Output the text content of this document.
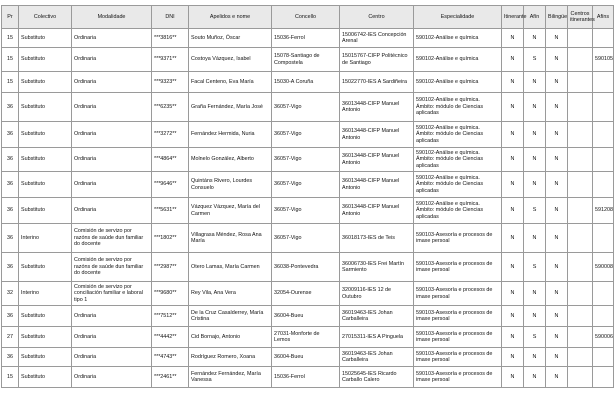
Pr	Colectivo	Modalidade	DNI	Apelidos e nome	Concello	Centro	Especialidade	Itinerante	Afín	Bilingüe	Centros itinerantes	Afíns
15	Substituto	Ordinaria	***3816**	Souto Muñoz, Óscar	15036-Ferrol	15006742-IES Concepción Arenal	590102-Análise e química	N	N	N		
15	Substituto	Ordinaria	***9371**	Costoya Vázquez, Isabel	15078-Santiago de Compostela	15015767-CIFP Politécnico de Santiago	590102-Análise e química	N	S	N		590105
15	Substituto	Ordinaria	***9323**	Facal Centeno, Eva María	15030-A Coruña	15022770-IES A Sardiñeira	590102-Análise e química	N	N	N		
36	Substituto	Ordinaria	***6235**	Graña Fernández, María José	36057-Vigo	36013448-CIFP Manuel Antonio	590102-Análise e química. Ámbito: módulo de Ciencias aplicadas	N	N	N		
36	Substituto	Ordinaria	***3272**	Fernández Hermida, Nuria	36057-Vigo	36013448-CIFP Manuel Antonio	590102-Análise e química. Ámbito: módulo de Ciencias aplicadas	N	N	N		
36	Substituto	Ordinaria	***4864**	Molnelo González, Alberto	36057-Vigo	36013448-CIFP Manuel Antonio	590102-Análise e química. Ámbito: módulo de Ciencias aplicadas	N	N	N		
36	Substituto	Ordinaria	***9646**	Quintáns Rivero, Lourdes Consuelo	36057-Vigo	36013448-CIFP Manuel Antonio	590102-Análise e química. Ámbito: módulo de Ciencias aplicadas	N	N	N		
36	Substituto	Ordinaria	***5631**	Vázquez Vázquez, María del Carmen	36057-Vigo	36013448-CIFP Manuel Antonio	590102-Análise e química. Ámbito: módulo de Ciencias aplicadas	N	S	N		591208
36	Interino	Comisión de servizo por razóns de saúde dun familiar do docente	***1802**	Villagrasa Méndez, Rosa Ana María	36057-Vigo	36018173-IES de Teis	590103-Asesoría e procesos de imaxe persoal	N	N	N		
36	Substituto	Comisión de servizo por razóns de saúde dun familiar do docente	***2987**	Otero Lamas, María Carmen	36038-Pontevedra	36006730-IES Frei Martín Sarmiento	590103-Asesoría e procesos de imaxe persoal	N	S	N		590008
32	Interino	Comisión de servizo por conciliación familiar e laboral tipo 1	***9680**	Rey Vila, Ana Vera	32054-Ourense	32009116-IES 12 de Outubro	590103-Asesoría e procesos de imaxe persoal	N	N	N		
36	Substituto	Ordinaria	***7512**	De la Cruz Casalderrey, María Cristina	36004-Bueu	36019463-IES Johan Carballeira	590103-Asesoría e procesos de imaxe persoal	N	N	N		
27	Substituto	Ordinaria	***4442**	Cid Bornajo, Antonio	27031-Monforte de Lemos	27015311-IES A Pinguela	590103-Asesoría e procesos de imaxe persoal	N	S	N		590006
36	Substituto	Ordinaria	***4743**	Rodríguez Romero, Xoana	36004-Bueu	36019463-IES Johan Carballeira	590103-Asesoría e procesos de imaxe persoal	N	N	N		
15	Substituto	Ordinaria	***2461**	Fernández Fernández, María Vanessa	15036-Ferrol	15025645-IES Ricardo Carballo Calero	590103-Asesoría e procesos de imaxe persoal	N	N	N		
